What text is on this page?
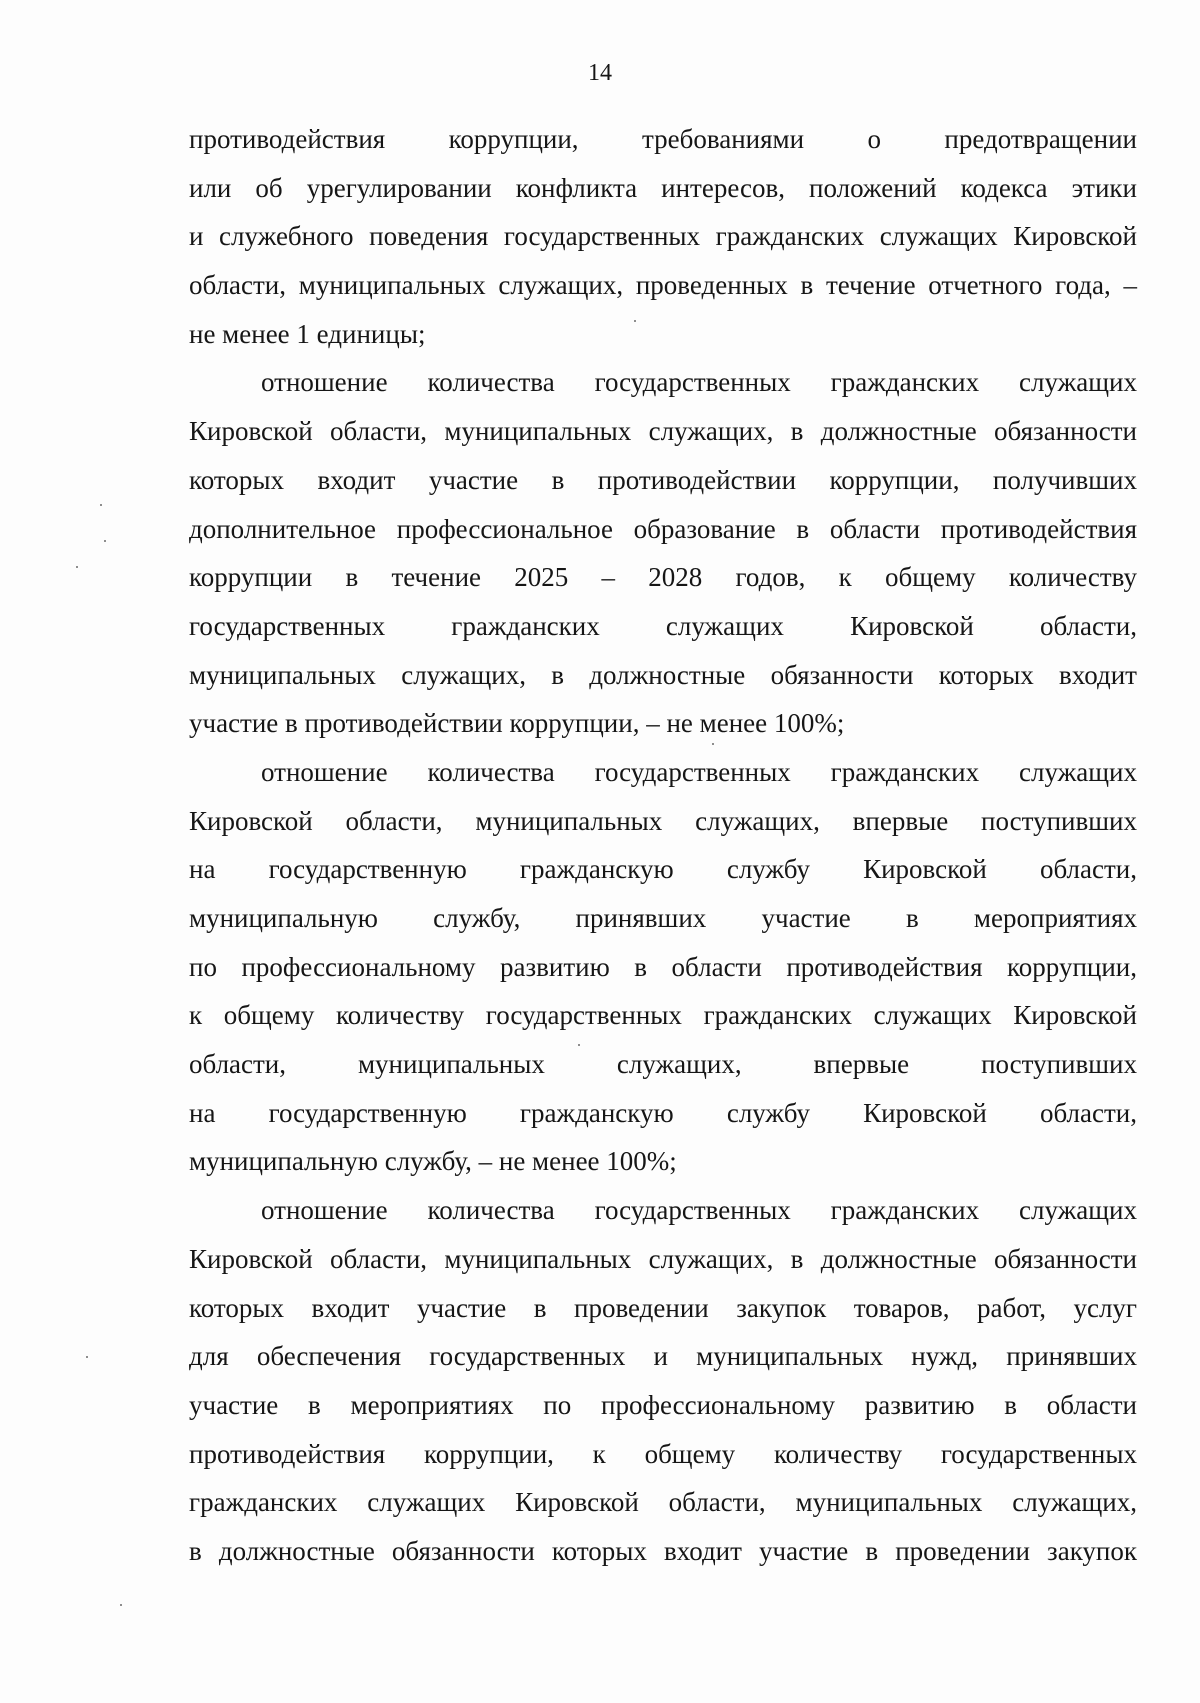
14
противодействия коррупции, требованиями о предотвращении
или об урегулировании конфликта интересов, положений кодекса этики
и служебного поведения государственных гражданских служащих Кировской
области, муниципальных служащих, проведенных в течение отчетного года, –
не менее 1 единицы;
отношение количества государственных гражданских служащих
Кировской области, муниципальных служащих, в должностные обязанности
которых входит участие в противодействии коррупции, получивших
дополнительное профессиональное образование в области противодействия
коррупции в течение 2025 – 2028 годов, к общему количеству
государственных гражданских служащих Кировской области,
муниципальных служащих, в должностные обязанности которых входит
участие в противодействии коррупции, – не менее 100%;
отношение количества государственных гражданских служащих
Кировской области, муниципальных служащих, впервые поступивших
на государственную гражданскую службу Кировской области,
муниципальную службу, принявших участие в мероприятиях
по профессиональному развитию в области противодействия коррупции,
к общему количеству государственных гражданских служащих Кировской
области, муниципальных служащих, впервые поступивших
на государственную гражданскую службу Кировской области,
муниципальную службу, – не менее 100%;
отношение количества государственных гражданских служащих
Кировской области, муниципальных служащих, в должностные обязанности
которых входит участие в проведении закупок товаров, работ, услуг
для обеспечения государственных и муниципальных нужд, принявших
участие в мероприятиях по профессиональному развитию в области
противодействия коррупции, к общему количеству государственных
гражданских служащих Кировской области, муниципальных служащих,
в должностные обязанности которых входит участие в проведении закупок
